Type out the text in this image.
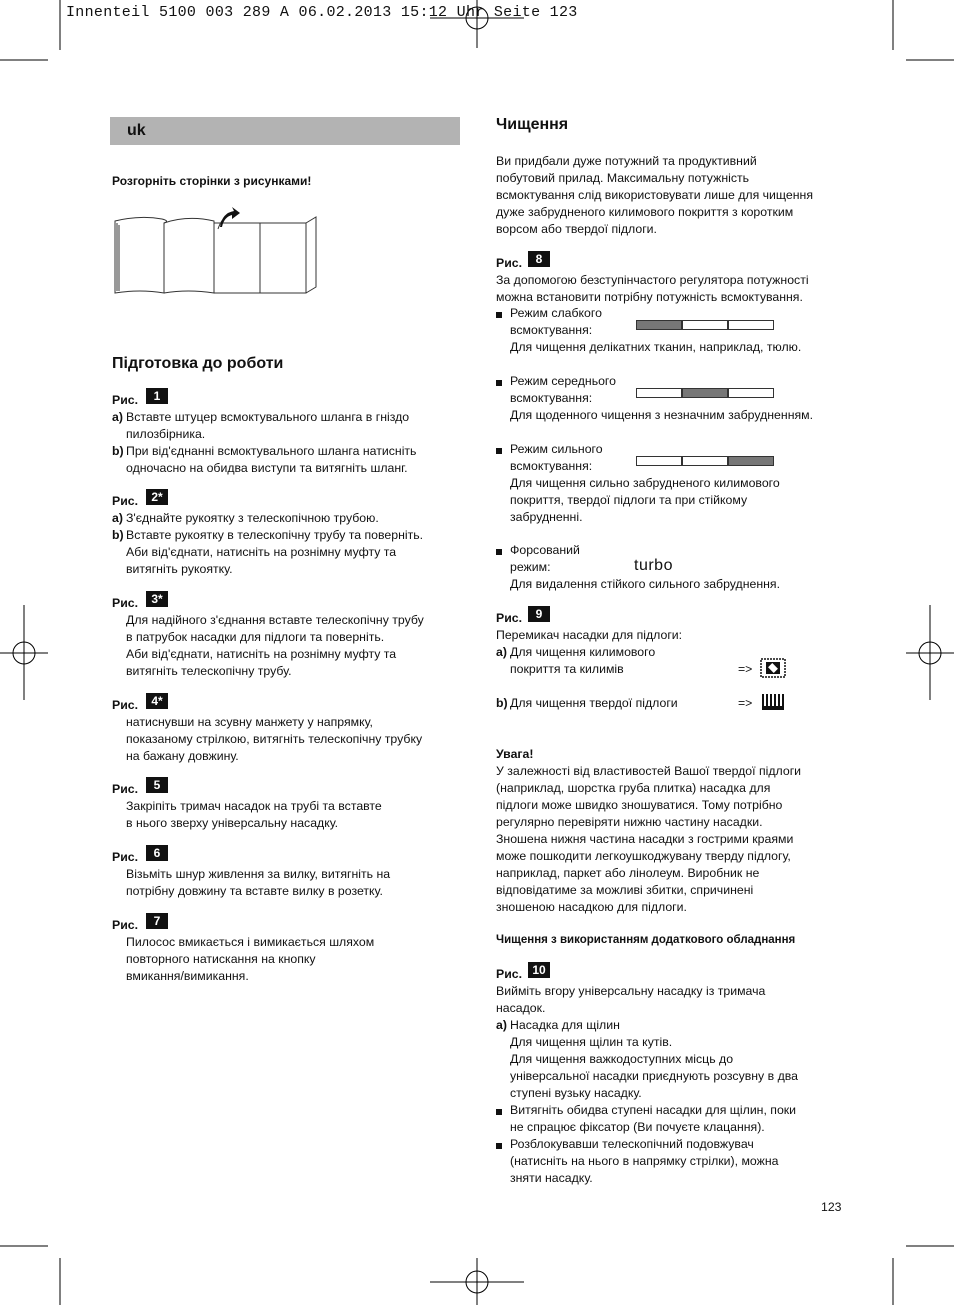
Innenteil 5100 003 289 A 06.02.2013 15:12 Uhr Seite 123
uk
Розгорніть сторінки з рисунками!
Підготовка до роботи
Рис.	1
a) Вставте штуцер всмоктувального шланга в гніздо
пилозбірника.
b) При від'єднанні всмоктувального шланга натисніть
одночасно на обидва виступи та витягніть шланг.
Рис.	2*
a) З'єднайте рукоятку з телескопічною трубою.
b) Вставте рукоятку в телескопічну трубу та поверніть.
Аби від'єднати, натисніть на рознімну муфту та
витягніть рукоятку.
Рис.	3*
Для надійного з'єднання вставте телескопічну трубу
в патрубок насадки для підлоги та поверніть.
Аби від'єднати, натисніть на рознімну муфту та
витягніть телескопічну трубу.
Рис.	4*
натиснувши на зсувну манжету у напрямку,
показаному стрілкою, витягніть телескопічну трубку
на бажану довжину.
Рис.	5
Закріпіть тримач насадок на трубі та вставте
в нього зверху універсальну насадку.
Рис.	6
Візьміть шнур живлення за вилку, витягніть на
потрібну довжину та вставте вилку в розетку.
Рис.	7
Пилосос вмикається і вимикається шляхом
повторного натискання на кнопку
вмикання/вимикання.
Чищення
Ви придбали дуже потужний та продуктивний
побутовий прилад. Максимальну потужність
всмоктування слід використовувати лише для чищення
дуже забрудненого килимового покриття з коротким
ворсом або твердої підлоги.
Рис.	8
За допомогою безступінчастого регулятора потужності
можна встановити потрібну потужність всмоктування.
Режим слабкого
всмоктування:
Для чищення делікатних тканин, наприклад, тюлю.
Режим середнього
всмоктування:
Для щоденного чищення з незначним забрудненням.
Режим сильного
всмоктування:
Для чищення сильно забрудненого килимового
покриття, твердої підлоги та при стійкому
забрудненні.
Форсований
режим:
Для видалення стійкого сильного забруднення.
turbo
Рис.	9
Перемикач насадки для підлоги:
a) Для чищення килимового
покриття та килимів	=>
b) Для чищення твердої підлоги	=>
Увага!
У залежності від властивостей Вашої твердої підлоги
(наприклад, шорстка груба плитка) насадка для
підлоги може швидко зношуватися. Тому потрібно
регулярно перевіряти нижню частину насадки.
Зношена нижня частина насадки з гострими краями
може пошкодити легкоушкоджувану тверду підлогу,
наприклад, паркет або лінолеум. Виробник не
відповідатиме за можливі збитки, спричинені
зношеною насадкою для підлоги.
Чищення з використанням додаткового обладнання
Рис. 10
Вийміть вгору універсальну насадку із тримача
насадок.
a) Насадка для щілин
Для чищення щілин та кутів.
Для чищення важкодоступних місць до
універсальної насадки приєднують розсувну в два
ступені вузьку насадку.
Витягніть обидва ступені насадки для щілин, поки
не спрацює фіксатор (Ви почуєте клацання).
Розблокувавши телескопічний подовжувач
(натисніть на нього в напрямку стрілки), можна
зняти насадку.
123
